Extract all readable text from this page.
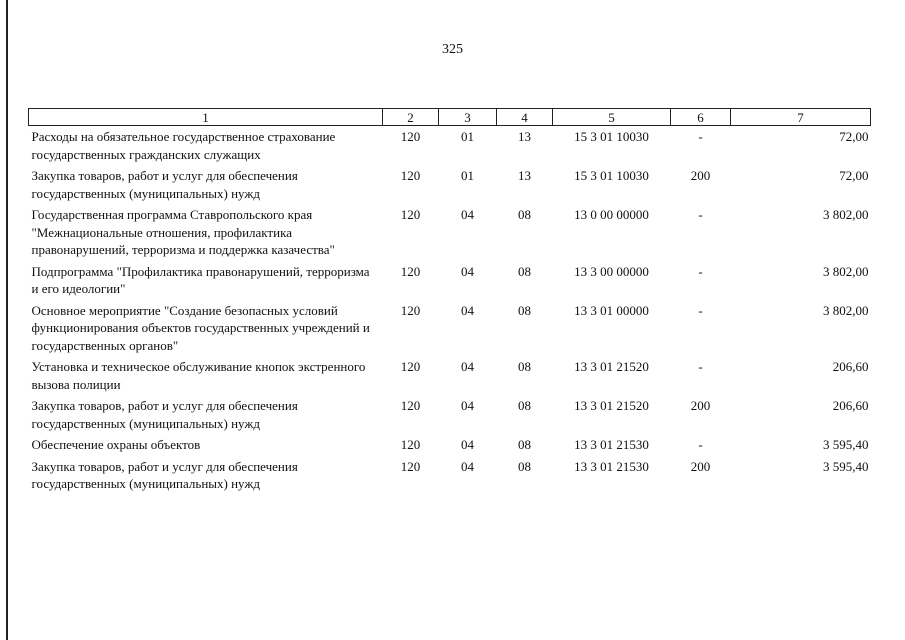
325
1	2	3	4	5	6	7
Расходы на обязательное государственное страхование государственных гражданских служащих	120	01	13	15 3 01 10030	-	72,00
Закупка товаров, работ и услуг для обеспечения государственных (муниципальных) нужд	120	01	13	15 3 01 10030	200	72,00
Государственная программа Ставропольского края "Межнациональные отношения, профилактика правонарушений, терроризма и поддержка казачества"	120	04	08	13 0 00 00000	-	3 802,00
Подпрограмма "Профилактика правонарушений, терроризма и его идеологии"	120	04	08	13 3 00 00000	-	3 802,00
Основное мероприятие "Создание безопасных условий функционирования объектов государственных учреждений и государственных органов"	120	04	08	13 3 01 00000	-	3 802,00
Установка и техническое обслуживание кнопок экстренного вызова полиции	120	04	08	13 3 01 21520	-	206,60
Закупка товаров, работ и услуг для обеспечения государственных (муниципальных) нужд	120	04	08	13 3 01 21520	200	206,60
Обеспечение охраны объектов	120	04	08	13 3 01 21530	-	3 595,40
Закупка товаров, работ и услуг для обеспечения государственных (муниципальных) нужд	120	04	08	13 3 01 21530	200	3 595,40
